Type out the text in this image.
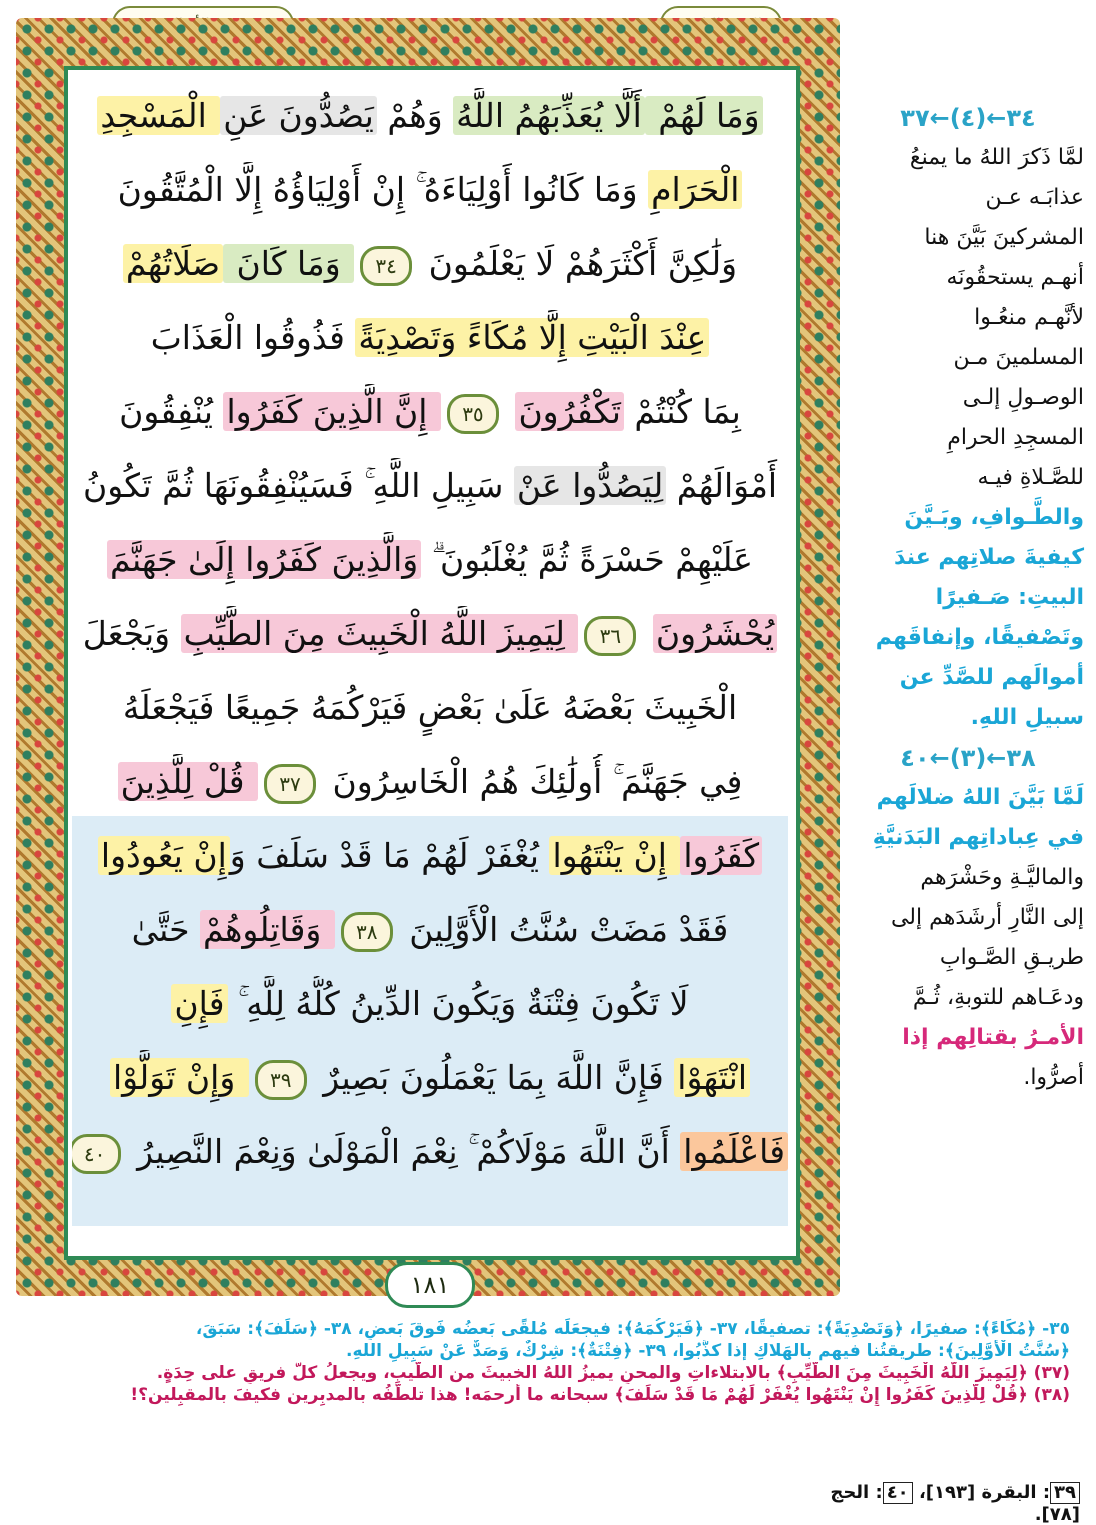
وَمَا لَهُمْ أَلَّا يُعَذِّبَهُمُ اللَّهُ وَهُمْ يَصُدُّونَ عَنِ الْمَسْجِدِ
الْحَرَامِ وَمَا كَانُوا أَوْلِيَاءَهُ ۚ إِنْ أَوْلِيَاؤُهُ إِلَّا الْمُتَّقُونَ
وَلَٰكِنَّ أَكْثَرَهُمْ لَا يَعْلَمُونَ ٣٤ وَمَا كَانَ صَلَاتُهُمْ
عِنْدَ الْبَيْتِ إِلَّا مُكَاءً وَتَصْدِيَةً فَذُوقُوا الْعَذَابَ
بِمَا كُنْتُمْ تَكْفُرُونَ ٣٥ إِنَّ الَّذِينَ كَفَرُوا يُنْفِقُونَ
أَمْوَالَهُمْ لِيَصُدُّوا عَنْ سَبِيلِ اللَّهِ ۚ فَسَيُنْفِقُونَهَا ثُمَّ تَكُونُ
عَلَيْهِمْ حَسْرَةً ثُمَّ يُغْلَبُونَ ۗ وَالَّذِينَ كَفَرُوا إِلَىٰ جَهَنَّمَ
يُحْشَرُونَ ٣٦ لِيَمِيزَ اللَّهُ الْخَبِيثَ مِنَ الطَّيِّبِ وَيَجْعَلَ
الْخَبِيثَ بَعْضَهُ عَلَىٰ بَعْضٍ فَيَرْكُمَهُ جَمِيعًا فَيَجْعَلَهُ
فِي جَهَنَّمَ ۚ أُولَٰئِكَ هُمُ الْخَاسِرُونَ ٣٧ قُلْ لِلَّذِينَ
كَفَرُوا إِنْ يَنْتَهُوا يُغْفَرْ لَهُمْ مَا قَدْ سَلَفَ وَإِنْ يَعُودُوا
فَقَدْ مَضَتْ سُنَّتُ الْأَوَّلِينَ ٣٨ وَقَاتِلُوهُمْ حَتَّىٰ
لَا تَكُونَ فِتْنَةٌ وَيَكُونَ الدِّينُ كُلُّهُ لِلَّهِ ۚ فَإِنِ
انْتَهَوْا فَإِنَّ اللَّهَ بِمَا يَعْمَلُونَ بَصِيرٌ ٣٩ وَإِنْ تَوَلَّوْا
فَاعْلَمُوا أَنَّ اللَّهَ مَوْلَاكُمْ ۚ نِعْمَ الْمَوْلَىٰ وَنِعْمَ النَّصِيرُ ٤٠
١٨١
٣٤←(٤)←٣٧
لمَّا ذَكرَ اللهُ ما يمنعُ
عذابَـه عـن
المشركينَ بَيَّنَ هنا
أنهـم يستحقُونَه
لأنَّهـم منعُـوا
المسلمينَ مـن
الوصـولِ إلـى
المسجِدِ الحرامِ
للصَّـلاةِ فيـه
والطَّـوافِ، وبَـيَّنَ
كيفيةَ صلاتِهم عندَ
البيتِ: صَـفيرًا
وتَصْفيقًا، وإنفاقَهم
أموالَهم للصَّدِّ عن
سبيلِ اللهِ.
٣٨←(٣)←٤٠
لَمَّا بَيَّنَ اللهُ ضلالَهم
في عِباداتِهم البَدَنيَّةِ
والماليَّـةِ وحَشْرَهم
إلى النَّارِ أرشَدَهم إلى
طريـقِ الصَّـوابِ
ودعَـاهم للتوبةِ، ثُـمَّ
الأمـرُ بقتالِهم إذا
أصرُّوا.
٣٥- ﴿مُكَاءً﴾: صفيرًا، ﴿وَتَصْدِيَةً﴾: تصفيقًا، ٣٧- ﴿فَيَرْكُمَهُ﴾: فيجعَلَه مُلقًى بَعضُه فَوقَ بَعضٍ، ٣٨- ﴿سَلَفَ﴾: سَبَقَ،
﴿سُنَّتُ الْأَوَّلِينَ﴾: طريقتُنا فيهم بالهَلاكِ إذا كذَّبُوا، ٣٩- ﴿فِتْنَةٌ﴾: شِرْكٌ، وَصَدٌّ عَنْ سَبِيلِ اللهِ.
(٣٧) ﴿لِيَمِيزَ اللَّهُ الْخَبِيثَ مِنَ الطَّيِّبِ﴾ بالابتلاءاتِ والمحنِ يميزُ اللهُ الخبيثَ من الطَّيبِ، ويجعلُ كلَّ فريقٍ على حِدَةٍ.
(٣٨) ﴿قُلْ لِلَّذِينَ كَفَرُوا إِنْ يَنْتَهُوا يُغْفَرْ لَهُمْ مَا قَدْ سَلَفَ﴾ سبحانه ما أرحمَه! هذا تلطُّفُه بالمدبِرين فكيفَ بالمقبِلين؟!
٣٩: البقرة [١٩٣]، ٤٠: الحج [٧٨].
